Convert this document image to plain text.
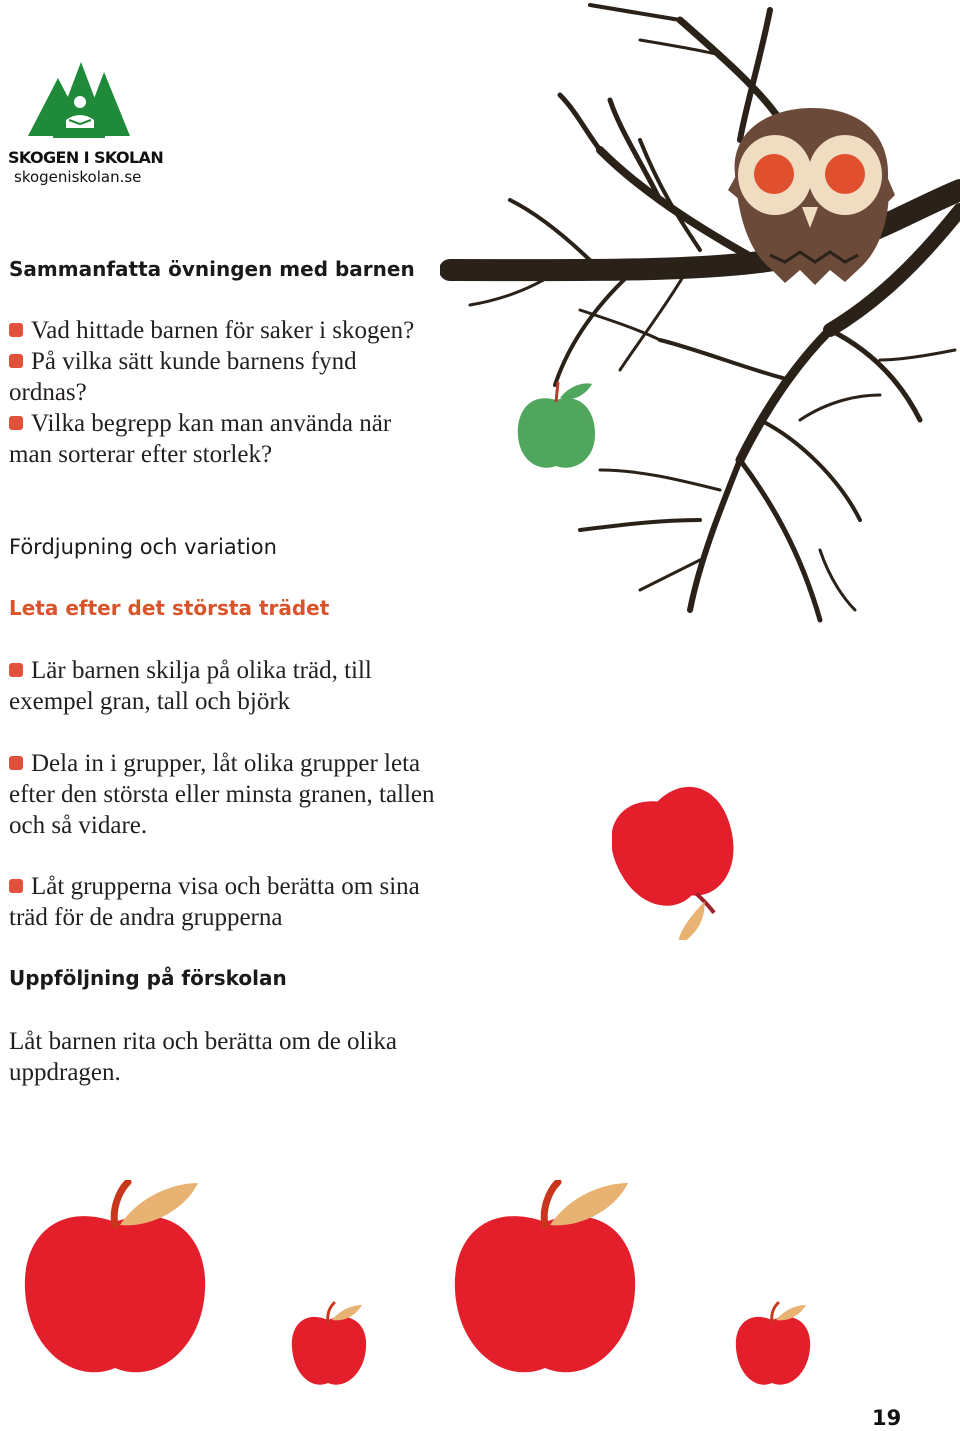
SKOGEN I SKOLAN
skogeniskolan.se
Sammanfatta övningen med barnen
Vad hittade barnen för saker i skogen?
På vilka sätt kunde barnens fynd ordnas?
Vilka begrepp kan man använda när man sorterar efter storlek?
Fördjupning och variation
Leta efter det största trädet
Lär barnen skilja på olika träd, till exempel gran, tall och björk
Dela in i grupper, låt olika grupper leta efter den största eller minsta granen, tallen och så vidare.
Låt grupperna visa och berätta om sina träd för de andra grupperna
Uppföljning på förskolan
Låt barnen rita och berätta om de olika uppdragen.
19
